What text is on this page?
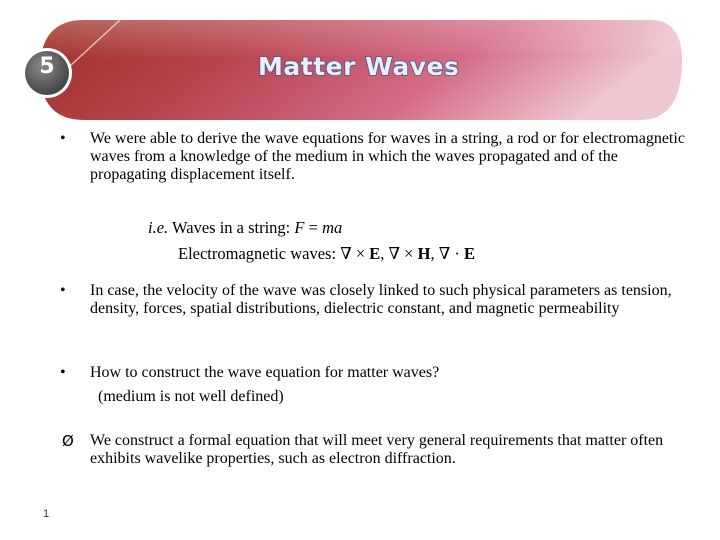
5	Matter Waves
• We were able to derive the wave equations for waves in a string, a rod or for electromagnetic waves from a knowledge of the medium in which the waves propagated and of the propagating displacement itself.
i.e. Waves in a string: F = ma
Electromagnetic waves: ∇ × E, ∇ × H, ∇ · E
• In case, the velocity of the wave was closely linked to such physical parameters as tension, density, forces, spatial distributions, dielectric constant, and magnetic permeability
• How to construct the wave equation for matter waves?
(medium is not well defined)
Ø We construct a formal equation that will meet very general requirements that matter often exhibits wavelike properties, such as electron diffraction.
1
